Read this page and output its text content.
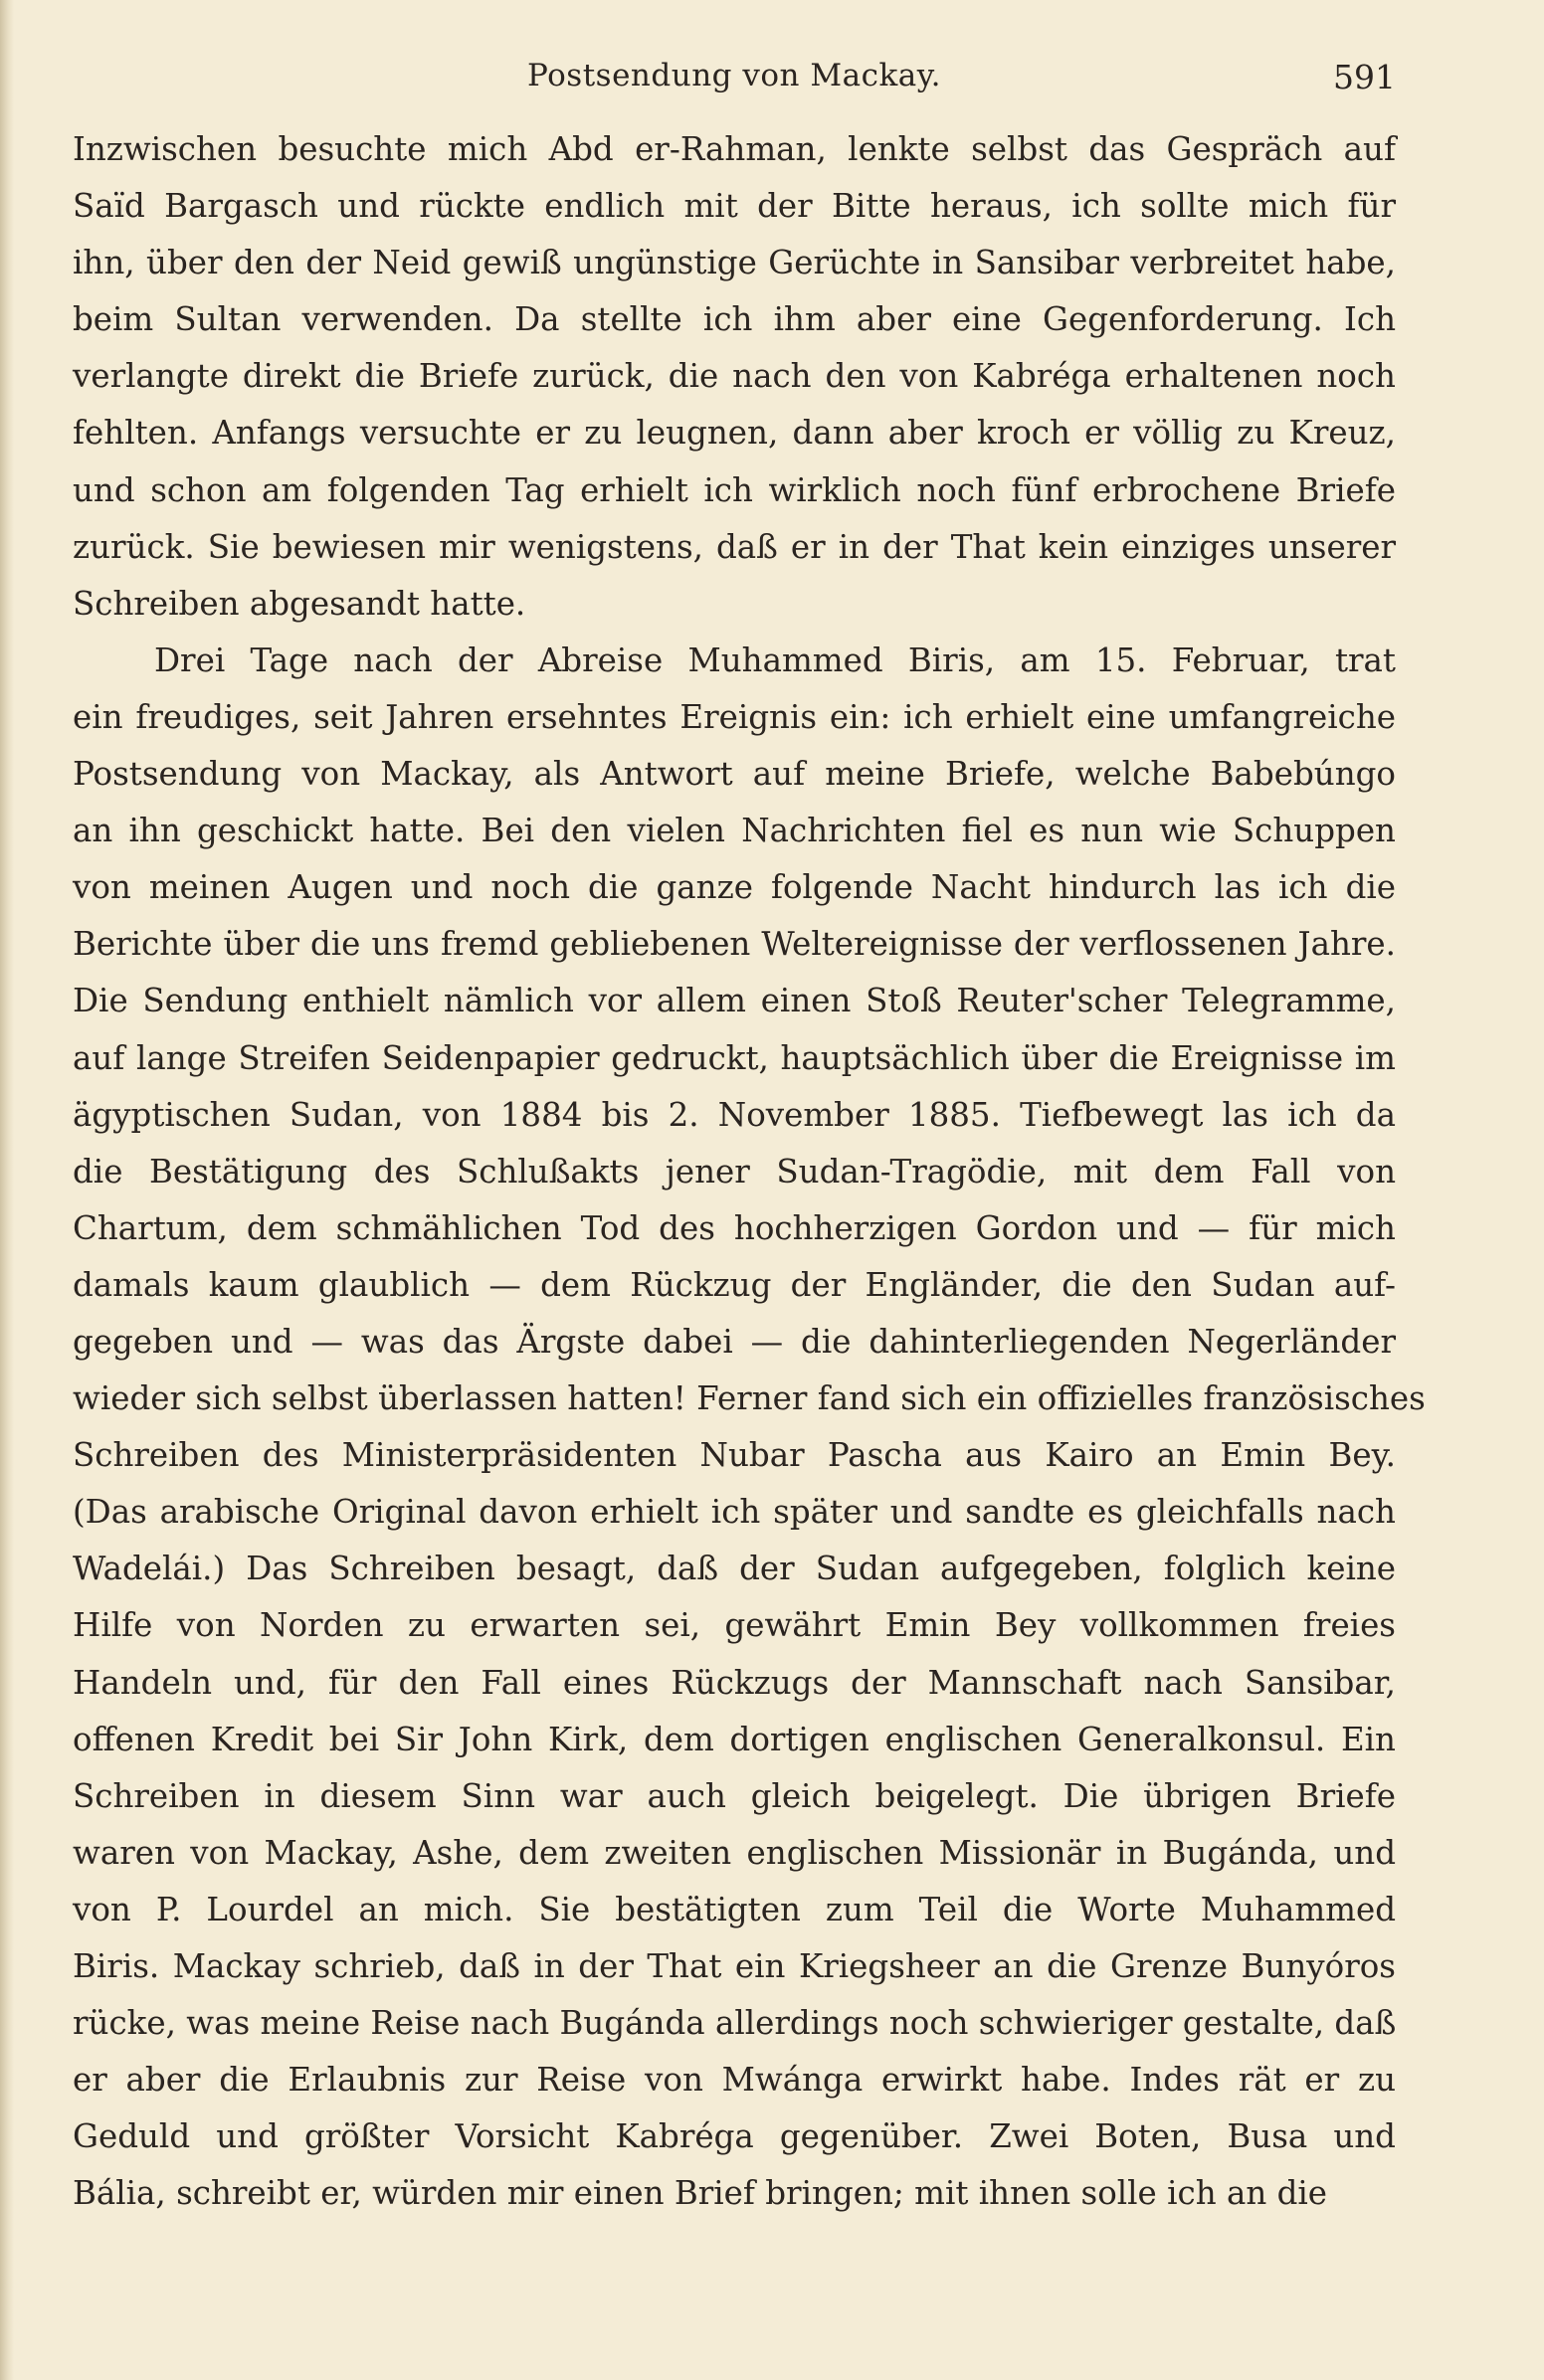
Postsendung von Mackay.	591
Inzwischen besuchte mich Abd er-Rahman, lenkte selbst das Gespräch auf
Saïd Bargasch und rückte endlich mit der Bitte heraus, ich sollte mich für
ihn, über den der Neid gewiß ungünstige Gerüchte in Sansibar verbreitet habe,
beim Sultan verwenden. Da stellte ich ihm aber eine Gegenforderung. Ich
verlangte direkt die Briefe zurück, die nach den von Kabréga erhaltenen noch
fehlten. Anfangs versuchte er zu leugnen, dann aber kroch er völlig zu Kreuz,
und schon am folgenden Tag erhielt ich wirklich noch fünf erbrochene Briefe
zurück. Sie bewiesen mir wenigstens, daß er in der That kein einziges unserer
Schreiben abgesandt hatte.
Drei Tage nach der Abreise Muhammed Biris, am 15. Februar, trat
ein freudiges, seit Jahren ersehntes Ereignis ein: ich erhielt eine umfangreiche
Postsendung von Mackay, als Antwort auf meine Briefe, welche Babebúngo
an ihn geschickt hatte. Bei den vielen Nachrichten fiel es nun wie Schuppen
von meinen Augen und noch die ganze folgende Nacht hindurch las ich die
Berichte über die uns fremd gebliebenen Weltereignisse der verflossenen Jahre.
Die Sendung enthielt nämlich vor allem einen Stoß Reuter'scher Telegramme,
auf lange Streifen Seidenpapier gedruckt, hauptsächlich über die Ereignisse im
ägyptischen Sudan, von 1884 bis 2. November 1885. Tiefbewegt las ich da
die Bestätigung des Schlußakts jener Sudan-Tragödie, mit dem Fall von
Chartum, dem schmählichen Tod des hochherzigen Gordon und — für mich
damals kaum glaublich — dem Rückzug der Engländer, die den Sudan auf-
gegeben und — was das Ärgste dabei — die dahinterliegenden Negerländer
wieder sich selbst überlassen hatten! Ferner fand sich ein offizielles französisches
Schreiben des Ministerpräsidenten Nubar Pascha aus Kairo an Emin Bey.
(Das arabische Original davon erhielt ich später und sandte es gleichfalls nach
Wadelái.) Das Schreiben besagt, daß der Sudan aufgegeben, folglich keine
Hilfe von Norden zu erwarten sei, gewährt Emin Bey vollkommen freies
Handeln und, für den Fall eines Rückzugs der Mannschaft nach Sansibar,
offenen Kredit bei Sir John Kirk, dem dortigen englischen Generalkonsul. Ein
Schreiben in diesem Sinn war auch gleich beigelegt. Die übrigen Briefe
waren von Mackay, Ashe, dem zweiten englischen Missionär in Bugánda, und
von P. Lourdel an mich. Sie bestätigten zum Teil die Worte Muhammed
Biris. Mackay schrieb, daß in der That ein Kriegsheer an die Grenze Bunyóros
rücke, was meine Reise nach Bugánda allerdings noch schwieriger gestalte, daß
er aber die Erlaubnis zur Reise von Mwánga erwirkt habe. Indes rät er zu
Geduld und größter Vorsicht Kabréga gegenüber. Zwei Boten, Busa und
Bália, schreibt er, würden mir einen Brief bringen; mit ihnen solle ich an die
